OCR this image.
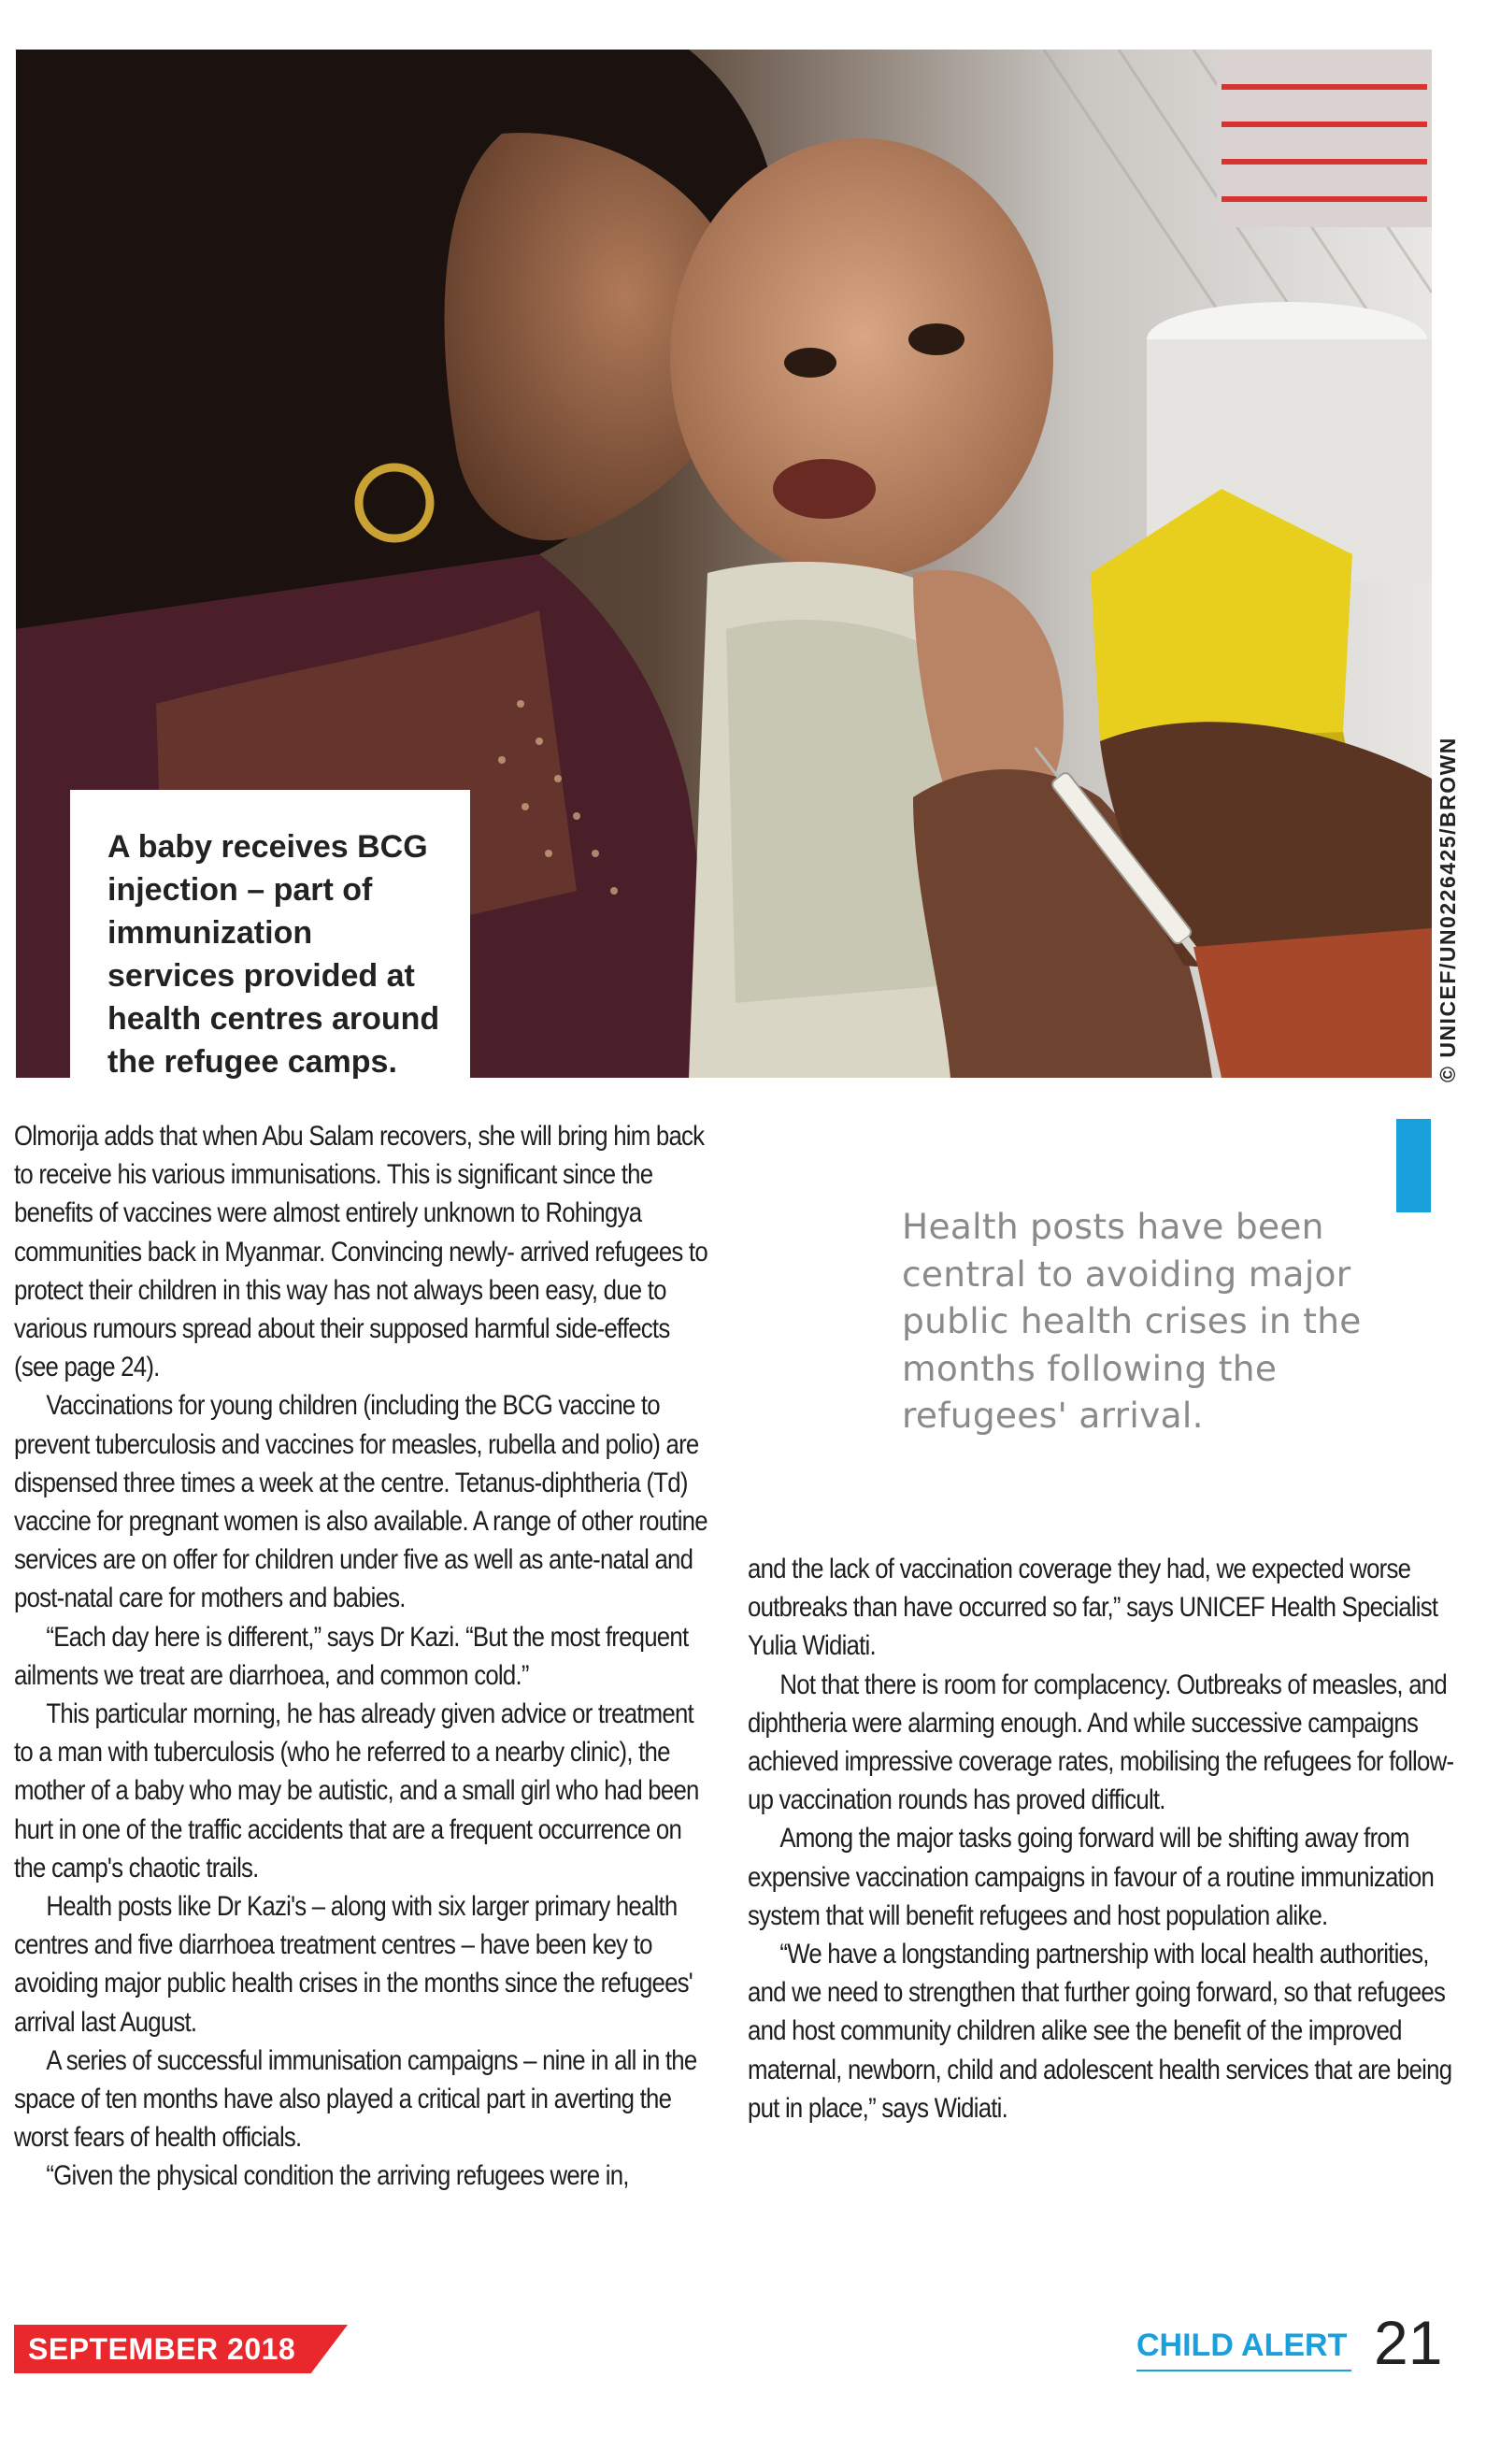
A baby receives BCG injection – part of immunization services provided at health centres around the refugee camps.	© UNICEF/UN0226425/BROWN

Olmorija adds that when Abu Salam recovers, she will bring him back to receive his various immunisations. This is significant since the benefits of vaccines were almost entirely unknown to Rohingya communities back in Myanmar. Convincing newly- arrived refugees to protect their children in this way has not always been easy, due to various rumours spread about their supposed harmful side-effects (see page 24).

Vaccinations for young children (including the BCG vaccine to prevent tuberculosis and vaccines for measles, rubella and polio) are dispensed three times a week at the centre. Tetanus-diphtheria (Td) vaccine for pregnant women is also available. A range of other routine services are on offer for children under five as well as ante-natal and post-natal care for mothers and babies.

“Each day here is different,” says Dr Kazi. “But the most frequent ailments we treat are diarrhoea, and common cold.”

This particular morning, he has already given advice or treatment to a man with tuberculosis (who he referred to a nearby clinic), the mother of a baby who may be autistic, and a small girl who had been hurt in one of the traffic accidents that are a frequent occurrence on the camp's chaotic trails.

Health posts like Dr Kazi's – along with six larger primary health centres and five diarrhoea treatment centres – have been key to avoiding major public health crises in the months since the refugees' arrival last August.

A series of successful immunisation campaigns – nine in all in the space of ten months have also played a critical part in averting the worst fears of health officials.

“Given the physical condition the arriving refugees were in,

Health posts have been central to avoiding major public health crises in the months following the refugees' arrival.

and the lack of vaccination coverage they had, we expected worse outbreaks than have occurred so far,” says UNICEF Health Specialist Yulia Widiati.

Not that there is room for complacency. Outbreaks of measles, and diphtheria were alarming enough. And while successive campaigns achieved impressive coverage rates, mobilising the refugees for follow-up vaccination rounds has proved difficult.

Among the major tasks going forward will be shifting away from expensive vaccination campaigns in favour of a routine immunization system that will benefit refugees and host population alike.

“We have a longstanding partnership with local health authorities, and we need to strengthen that further going forward, so that refugees and host community children alike see the benefit of the improved maternal, newborn, child and adolescent health services that are being put in place,” says Widiati.

SEPTEMBER 2018	CHILD ALERT 21
